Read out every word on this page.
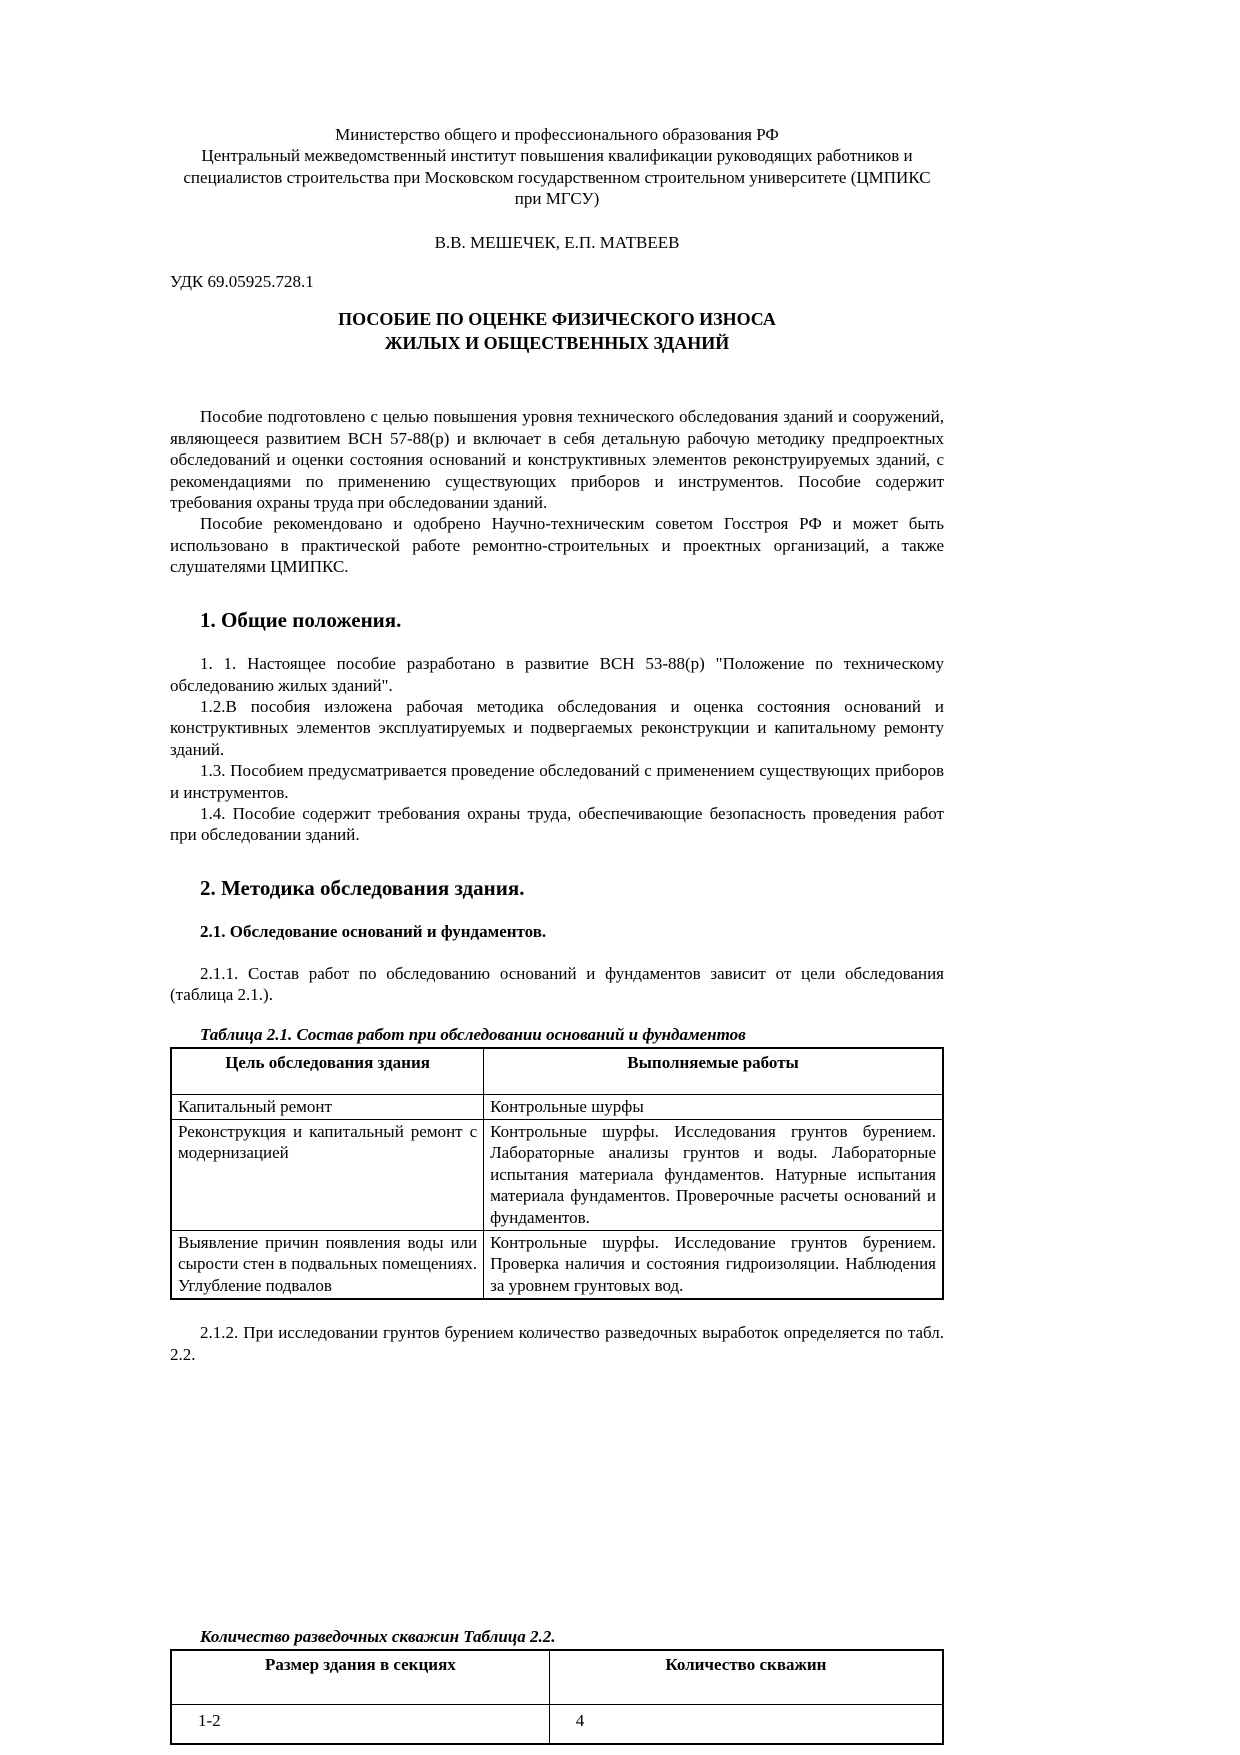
Министерство общего и профессионального образования РФ
Центральный межведомственный институт повышения квалификации руководящих работников и специалистов строительства при Московском государственном строительном университете (ЦМПИКС при МГСУ)
В.В. МЕШЕЧЕК, Е.П. МАТВЕЕВ
УДК 69.05925.728.1
ПОСОБИЕ ПО ОЦЕНКЕ ФИЗИЧЕСКОГО ИЗНОСА
ЖИЛЫХ И ОБЩЕСТВЕННЫХ ЗДАНИЙ

Пособие подготовлено с целью повышения уровня технического обследования зданий и сооружений, являющееся развитием ВСН 57-88(р) и включает в себя детальную рабочую методику предпроектных обследований и оценки состояния оснований и конструктивных элементов реконструируемых зданий, с рекомендациями по применению существующих приборов и инструментов. Пособие содержит требования охраны труда при обследовании зданий.

Пособие рекомендовано и одобрено Научно-техническим советом Госстроя РФ и может быть использовано в практической работе ремонтно-строительных и проектных организаций, а также слушателями ЦМИПКС.

1. Общие положения.

1. 1. Настоящее пособие разработано в развитие ВСН 53-88(р) "Положение по техническому обследованию жилых зданий".

1.2.В пособия изложена рабочая методика обследования и оценка состояния оснований и конструктивных элементов эксплуатируемых и подвергаемых реконструкции и капитальному ремонту зданий.

1.3. Пособием предусматривается проведение обследований с применением существующих приборов и инструментов.

1.4. Пособие содержит требования охраны труда, обеспечивающие безопасность проведения работ при обследовании зданий.

2. Методика обследования здания.
2.1. Обследование оснований и фундаментов.

2.1.1. Состав работ по обследованию оснований и фундаментов зависит от цели обследования (таблица 2.1.).

Таблица 2.1. Состав работ при обследовании оснований и фундаментов
Цель обследования здания	Выполняемые работы
Капитальный ремонт	Контрольные шурфы
Реконструкция и капитальный ремонт с модернизацией	Контрольные шурфы. Исследования грунтов бурением. Лабораторные анализы грунтов и воды. Лабораторные испытания материала фундаментов. Натурные испытания материала фундаментов. Проверочные расчеты оснований и фундаментов.
Выявление причин появления воды или сырости стен в подвальных помещениях. Углубление подвалов	Контрольные шурфы. Исследование грунтов бурением. Проверка наличия и состояния гидроизоляции. Наблюдения за уровнем грунтовых вод.

2.1.2. При исследовании грунтов бурением количество разведочных выработок определяется по табл. 2.2.

Количество разведочных скважин Таблица 2.2.
Размер здания в секциях	Количество скважин
1-2	4
